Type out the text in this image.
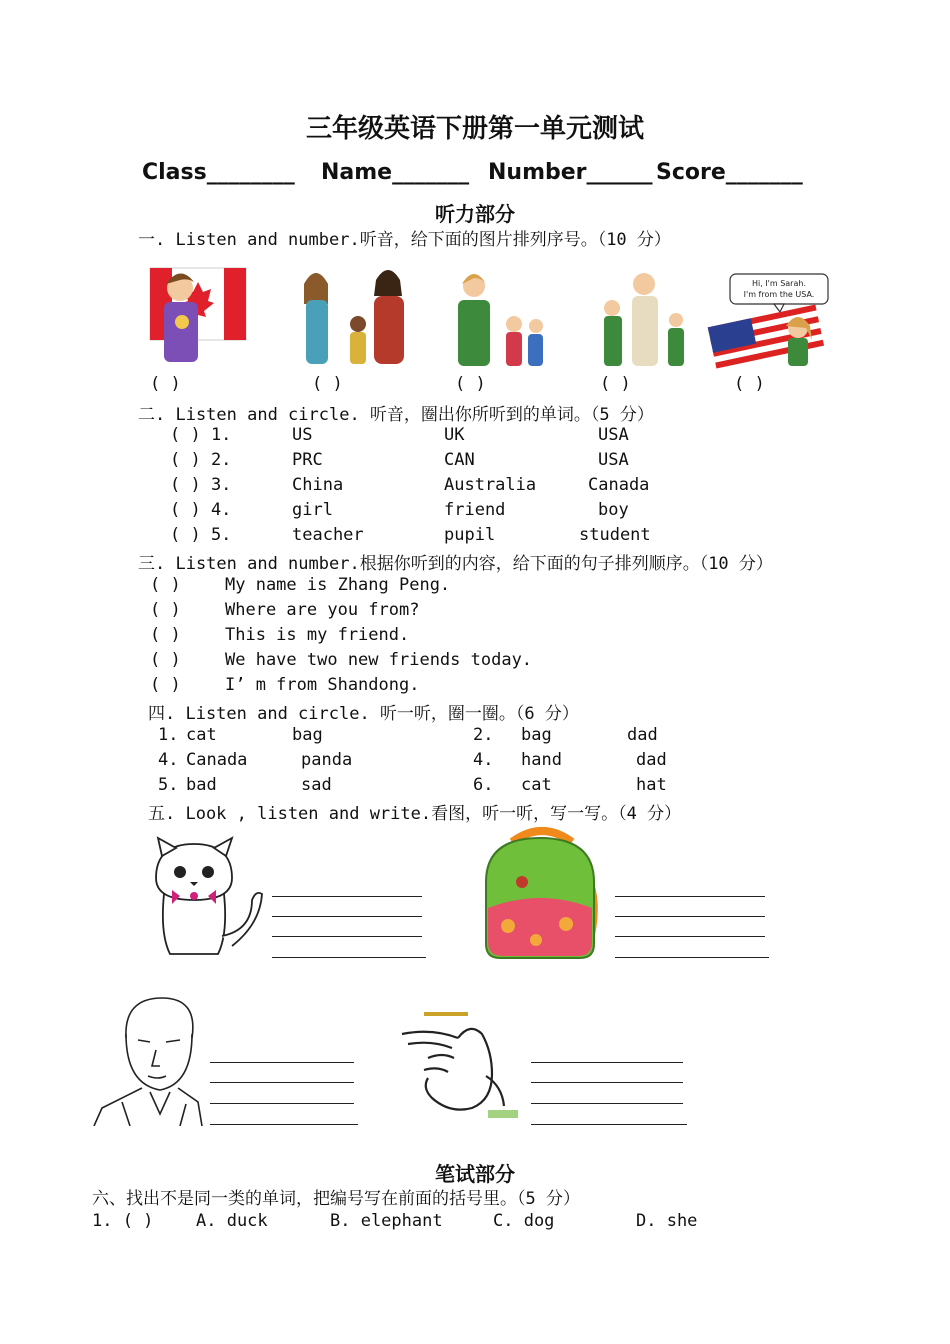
三年级英语下册第一单元测试
Class________ Name_______ Number______ Score_______
听力部分
一. Listen and number.听音，给下面的图片排列序号。（10 分）
Hi, I'm Sarah.
I'm from the USA.
( )	( )	( )	( )	( )
二. Listen and circle. 听音，圈出你所听到的单词。（5 分）
( ) 1.	US	UK	USA
( ) 2.	PRC	CAN	USA
( ) 3.	China	Australia	Canada
( ) 4.	girl	friend	boy
( ) 5.	teacher	pupil	student
三. Listen and number.根据你听到的内容，给下面的句子排列顺序。（10 分）
( )	My name is Zhang Peng.
( )	Where are you from?
( )	This is my friend.
( )	We have two new friends today.
( )	I’ m from Shandong.
四. Listen and circle. 听一听，圈一圈。（6 分）
1. cat	bag	2. bag	dad
4. Canada	panda	4. hand	dad
5. bad	sad	6. cat	hat
五. Look , listen and write.看图，听一听，写一写。（4 分）
笔试部分
六、找出不是同一类的单词，把编号写在前面的括号里。（5 分）
1. ( )	A. duck	B. elephant	C. dog	D. she
